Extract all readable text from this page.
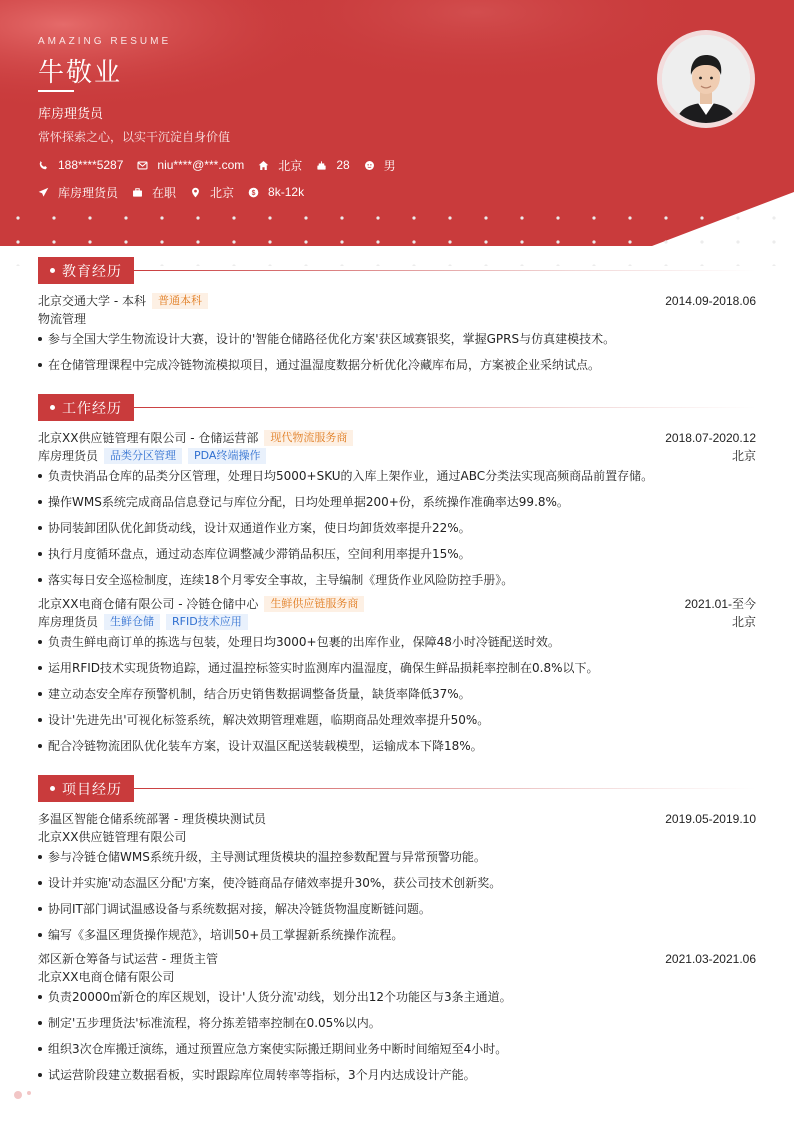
AMAZING RESUME
牛敬业
库房理货员
常怀探索之心，以实干沉淀自身价值
188****5287	niu****@***.com	北京	28	男
库房理货员	在职	北京 $ 8k-12k
教育经历
北京交通大学 - 本科	普通本科	2014.09-2018.06
物流管理
参与全国大学生物流设计大赛，设计的'智能仓储路径优化方案'获区域赛银奖，掌握GPRS与仿真建模技术。
在仓储管理课程中完成冷链物流模拟项目，通过温湿度数据分析优化冷藏库布局，方案被企业采纳试点。
工作经历
北京XX供应链管理有限公司 - 仓储运营部	现代物流服务商	2018.07-2020.12
库房理货员	品类分区管理	PDA终端操作	北京
负责快消品仓库的品类分区管理，处理日均5000+SKU的入库上架作业，通过ABC分类法实现高频商品前置存储。
操作WMS系统完成商品信息登记与库位分配，日均处理单据200+份，系统操作准确率达99.8%。
协同装卸团队优化卸货动线，设计双通道作业方案，使日均卸货效率提升22%。
执行月度循环盘点，通过动态库位调整减少滞销品积压，空间利用率提升15%。
落实每日安全巡检制度，连续18个月零安全事故，主导编制《理货作业风险防控手册》。
北京XX电商仓储有限公司 - 冷链仓储中心	生鲜供应链服务商	2021.01-至今
库房理货员	生鲜仓储	RFID技术应用	北京
负责生鲜电商订单的拣选与包装，处理日均3000+包裹的出库作业，保障48小时冷链配送时效。
运用RFID技术实现货物追踪，通过温控标签实时监测库内温湿度，确保生鲜品损耗率控制在0.8%以下。
建立动态安全库存预警机制，结合历史销售数据调整备货量，缺货率降低37%。
设计'先进先出'可视化标签系统，解决效期管理难题，临期商品处理效率提升50%。
配合冷链物流团队优化装车方案，设计双温区配送装载模型，运输成本下降18%。
项目经历
多温区智能仓储系统部署 - 理货模块测试员	2019.05-2019.10
北京XX供应链管理有限公司
参与冷链仓储WMS系统升级，主导测试理货模块的温控参数配置与异常预警功能。
设计并实施'动态温区分配'方案，使冷链商品存储效率提升30%，获公司技术创新奖。
协同IT部门调试温感设备与系统数据对接，解决冷链货物温度断链问题。
编写《多温区理货操作规范》，培训50+员工掌握新系统操作流程。
郊区新仓筹备与试运营 - 理货主管	2021.03-2021.06
北京XX电商仓储有限公司
负责20000㎡新仓的库区规划，设计'人货分流'动线，划分出12个功能区与3条主通道。
制定'五步理货法'标准流程，将分拣差错率控制在0.05%以内。
组织3次仓库搬迁演练，通过预置应急方案使实际搬迁期间业务中断时间缩短至4小时。
试运营阶段建立数据看板，实时跟踪库位周转率等指标，3个月内达成设计产能。
